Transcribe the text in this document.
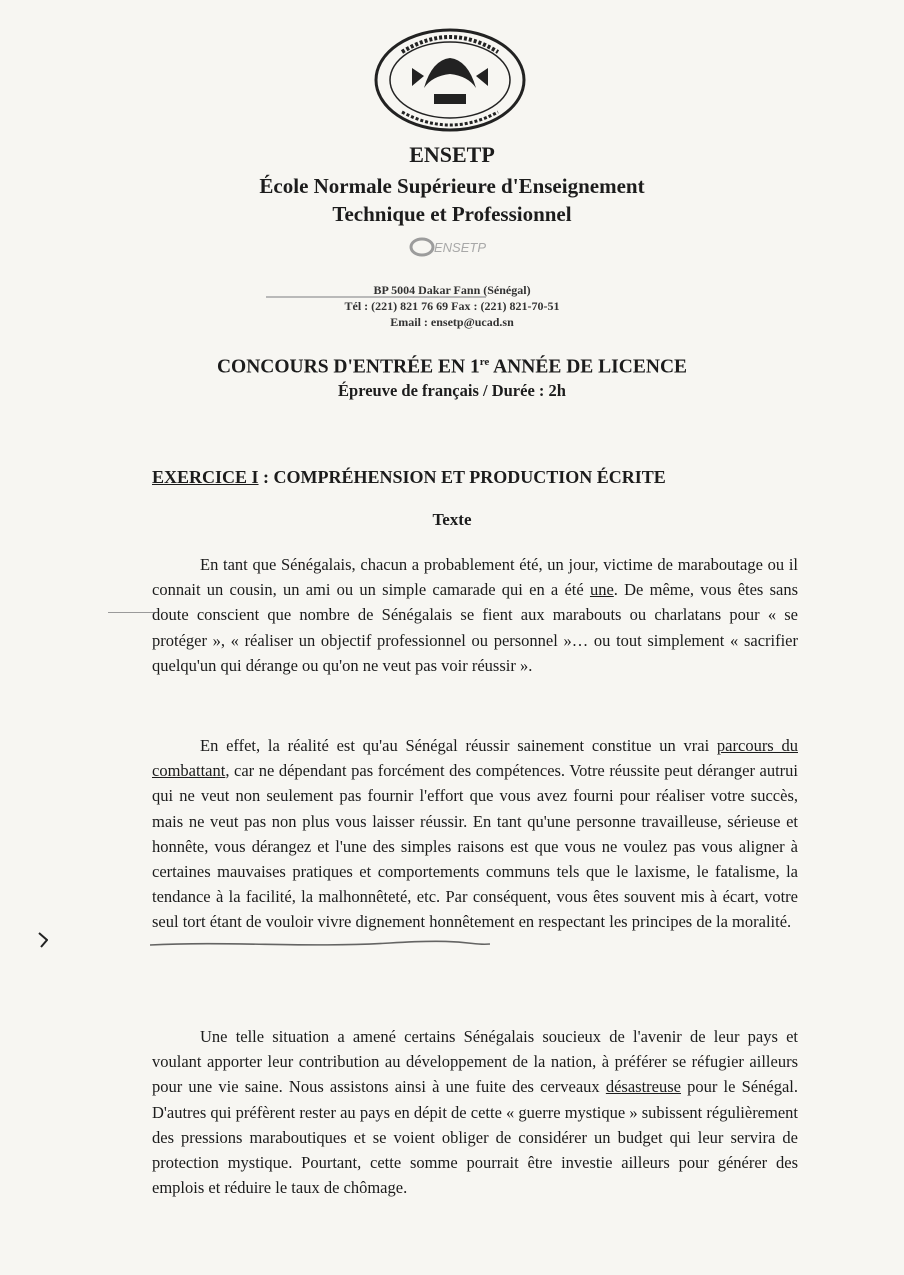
ENSETP
École Normale Supérieure d'Enseignement
Technique et Professionnel
ENSETP
BP 5004 Dakar Fann (Sénégal)
Tél : (221) 821 76 69 Fax : (221) 821-70-51
Email : ensetp@ucad.sn
CONCOURS D'ENTRÉE EN 1re ANNÉE DE LICENCE
Épreuve de français / Durée : 2h
EXERCICE I : COMPRÉHENSION ET PRODUCTION ÉCRITE
Texte
En tant que Sénégalais, chacun a probablement été, un jour, victime de maraboutage ou il connait un cousin, un ami ou un simple camarade qui en a été une. De même, vous êtes sans doute conscient que nombre de Sénégalais se fient aux marabouts ou charlatans pour « se protéger », « réaliser un objectif professionnel ou personnel »… ou tout simplement « sacrifier quelqu'un qui dérange ou qu'on ne veut pas voir réussir ».
En effet, la réalité est qu'au Sénégal réussir sainement constitue un vrai parcours du combattant, car ne dépendant pas forcément des compétences. Votre réussite peut déranger autrui qui ne veut non seulement pas fournir l'effort que vous avez fourni pour réaliser votre succès, mais ne veut pas non plus vous laisser réussir. En tant qu'une personne travailleuse, sérieuse et honnête, vous dérangez et l'une des simples raisons est que vous ne voulez pas vous aligner à certaines mauvaises pratiques et comportements communs tels que le laxisme, le fatalisme, la tendance à la facilité, la malhonnêteté, etc. Par conséquent, vous êtes souvent mis à écart, votre seul tort étant de vouloir vivre dignement honnêtement en respectant les principes de la moralité.
Une telle situation a amené certains Sénégalais soucieux de l'avenir de leur pays et voulant apporter leur contribution au développement de la nation, à préférer se réfugier ailleurs pour une vie saine. Nous assistons ainsi à une fuite des cerveaux désastreuse pour le Sénégal. D'autres qui préfèrent rester au pays en dépit de cette « guerre mystique » subissent régulièrement des pressions maraboutiques et se voient obliger de considérer un budget qui leur servira de protection mystique. Pourtant, cette somme pourrait être investie ailleurs pour générer des emplois et réduire le taux de chômage.
